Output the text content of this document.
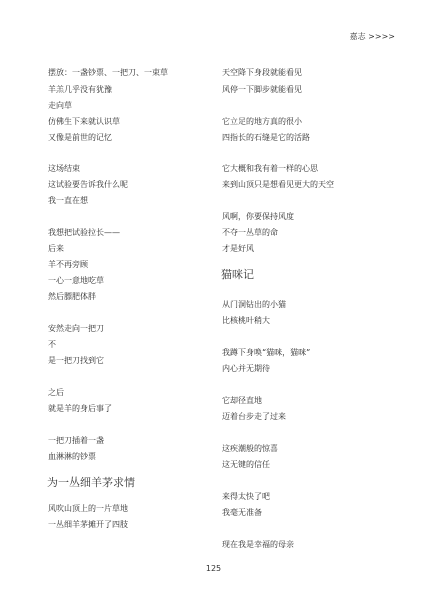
嘉志 >>>>
摆放：一盏钞票、一把刀、一束草
羊羔几乎没有犹豫
走向草
仿佛生下来就认识草
又像是前世的记忆
这场结束
这试验要告诉我什么呢
我一直在想
我想把试验拉长——
后来
羊不再旁顾
一心一意地吃草
然后膘肥体胖
安然走向一把刀
不
是一把刀找到它
之后
就是羊的身后事了
一把刀插着一盏
血淋淋的钞票
为一丛细羊茅求情
风吹山顶上的一片草地
一丛细羊茅摊开了四肢
天空降下身段就能看见
风停一下脚步就能看见
它立足的地方真的很小
四指长的石缝是它的活路
它大概和我有着一样的心思
来到山顶只是想看见更大的天空
风啊，你要保持风度
不夺一丛草的命
才是好风
猫咪记
从门洞钻出的小猫
比核桃叶稍大
我蹲下身唤“猫咪，猫咪”
内心并无期待
它却径直地
迈着台步走了过来
这疾潮般的惊喜
这无键的信任
来得太快了吧
我毫无准备
现在我是幸福的母亲
125
